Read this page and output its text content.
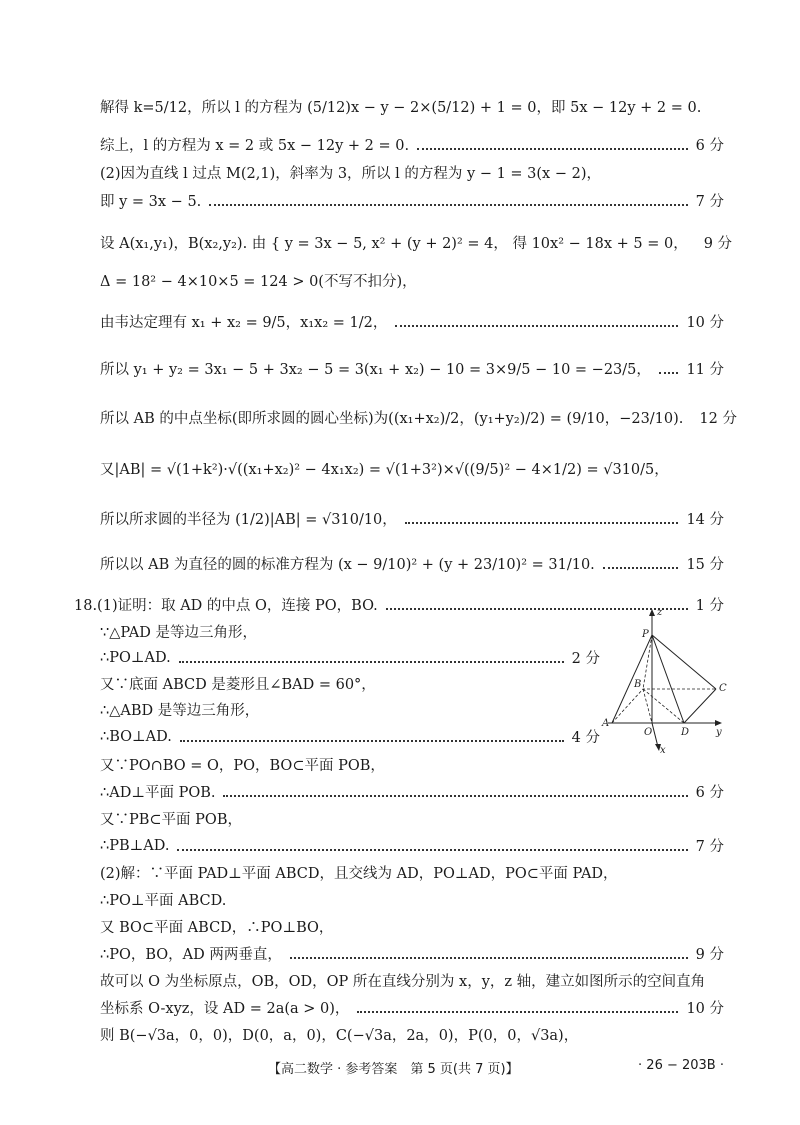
解得 k=5/12，所以 l 的方程为 (5/12)x − y − 2×(5/12) + 1 = 0，即 5x − 12y + 2 = 0.
综上，l 的方程为 x = 2 或 5x − 12y + 2 = 0.	6 分
(2)因为直线 l 过点 M(2,1)，斜率为 3，所以 l 的方程为 y − 1 = 3(x − 2)，
即 y = 3x − 5.	7 分
设 A(x₁,y₁)，B(x₂,y₂). 由 { y = 3x − 5, x² + (y + 2)² = 4， 得 10x² − 18x + 5 = 0， 9 分
Δ = 18² − 4×10×5 = 124 > 0(不写不扣分)，
由韦达定理有 x₁ + x₂ = 9/5，x₁x₂ = 1/2，	10 分
所以 y₁ + y₂ = 3x₁ − 5 + 3x₂ − 5 = 3(x₁ + x₂) − 10 = 3×9/5 − 10 = −23/5， 11 分
所以 AB 的中点坐标(即所求圆的圆心坐标)为((x₁+x₂)/2，(y₁+y₂)/2) = (9/10，−23/10). 12 分
又|AB| = √(1+k²)·√((x₁+x₂)² − 4x₁x₂) = √(1+3²)×√((9/5)² − 4×1/2) = √310/5，
所以所求圆的半径为 (1/2)|AB| = √310/10，	14 分
所以以 AB 为直径的圆的标准方程为 (x − 9/10)² + (y + 23/10)² = 31/10.	15 分
18.(1)证明：取 AD 的中点 O，连接 PO，BO.	1 分
∵△PAD 是等边三角形，
∴PO⊥AD.	2 分
又∵底面 ABCD 是菱形且∠BAD = 60°，
∴△ABD 是等边三角形，
∴BO⊥AD.	4 分
又∵PO∩BO = O，PO，BO⊂平面 POB，
∴AD⊥平面 POB.	6 分
又∵PB⊂平面 POB，
∴PB⊥AD.	7 分
(2)解：∵平面 PAD⊥平面 ABCD，且交线为 AD，PO⊥AD，PO⊂平面 PAD，
∴PO⊥平面 ABCD.
又 BO⊂平面 ABCD，∴PO⊥BO，
∴PO，BO，AD 两两垂直，	9 分
故可以 O 为坐标原点，OB，OD，OP 所在直线分别为 x，y，z 轴，建立如图所示的空间直角
坐标系 O-xyz，设 AD = 2a(a > 0)，	10 分
则 B(−√3a，0，0)，D(0，a，0)，C(−√3a，2a，0)，P(0，0，√3a)，
z
P
C
A
O	D	y
x
B
【高二数学 · 参考答案　第 5 页(共 7 页)】	· 26 − 203B ·
